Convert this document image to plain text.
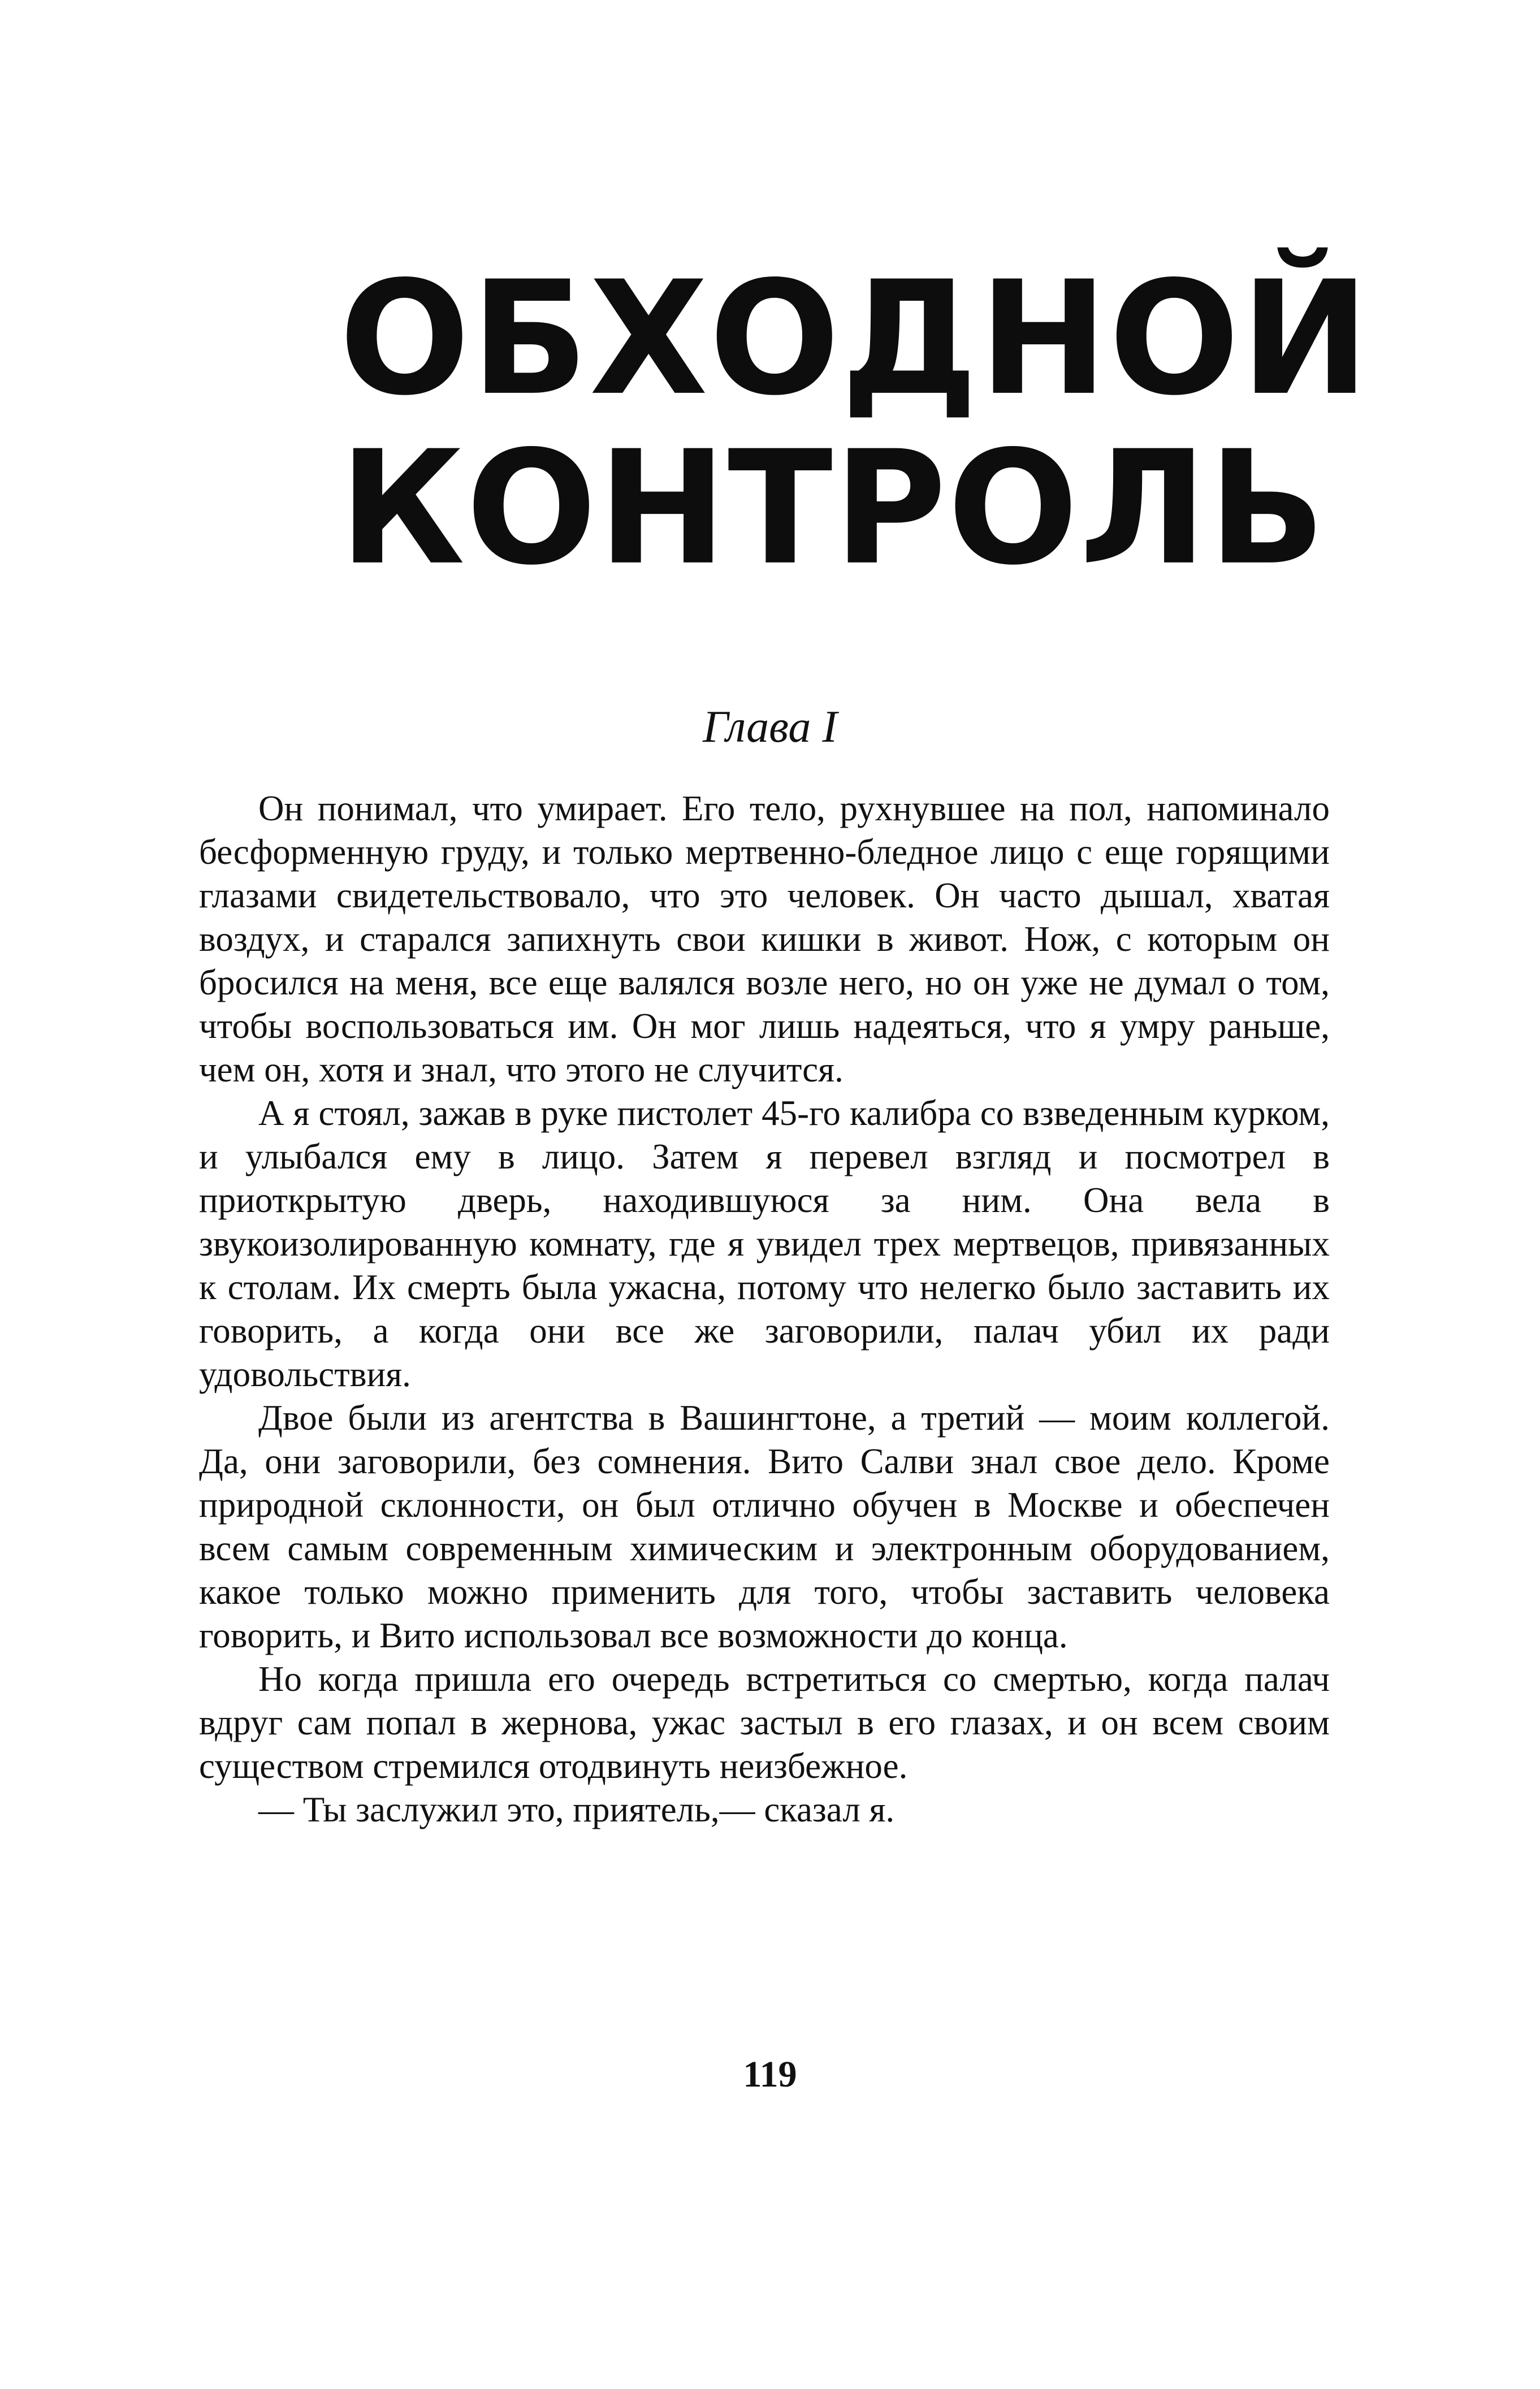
ОБХОДНОЙ
КОНТРОЛЬ
Глава I

Он понимал, что умирает. Его тело, рухнувшее на пол, напоминало бесформенную груду, и только мертвенно-бледное лицо с еще горящими глазами свидетельствовало, что это человек. Он часто дышал, хватая воздух, и старался запихнуть свои кишки в живот. Нож, с которым он бросился на меня, все еще валялся возле него, но он уже не думал о том, чтобы воспользоваться им. Он мог лишь надеяться, что я умру раньше, чем он, хотя и знал, что этого не случится.

А я стоял, зажав в руке пистолет 45-го калибра со взведенным курком, и улыбался ему в лицо. Затем я перевел взгляд и посмотрел в приоткрытую дверь, находившуюся за ним. Она вела в звукоизолированную комнату, где я увидел трех мертвецов, привязанных к столам. Их смерть была ужасна, потому что нелегко было заставить их говорить, а когда они все же заговорили, палач убил их ради удовольствия.

Двое были из агентства в Вашингтоне, а третий — моим коллегой. Да, они заговорили, без сомнения. Вито Салви знал свое дело. Кроме природной склонности, он был отлично обучен в Москве и обеспечен всем самым современным химическим и электронным оборудованием, какое только можно применить для того, чтобы заставить человека говорить, и Вито использовал все возможности до конца.

Но когда пришла его очередь встретиться со смертью, когда палач вдруг сам попал в жернова, ужас застыл в его глазах, и он всем своим существом стремился отодвинуть неизбежное.

— Ты заслужил это, приятель,— сказал я.

119
